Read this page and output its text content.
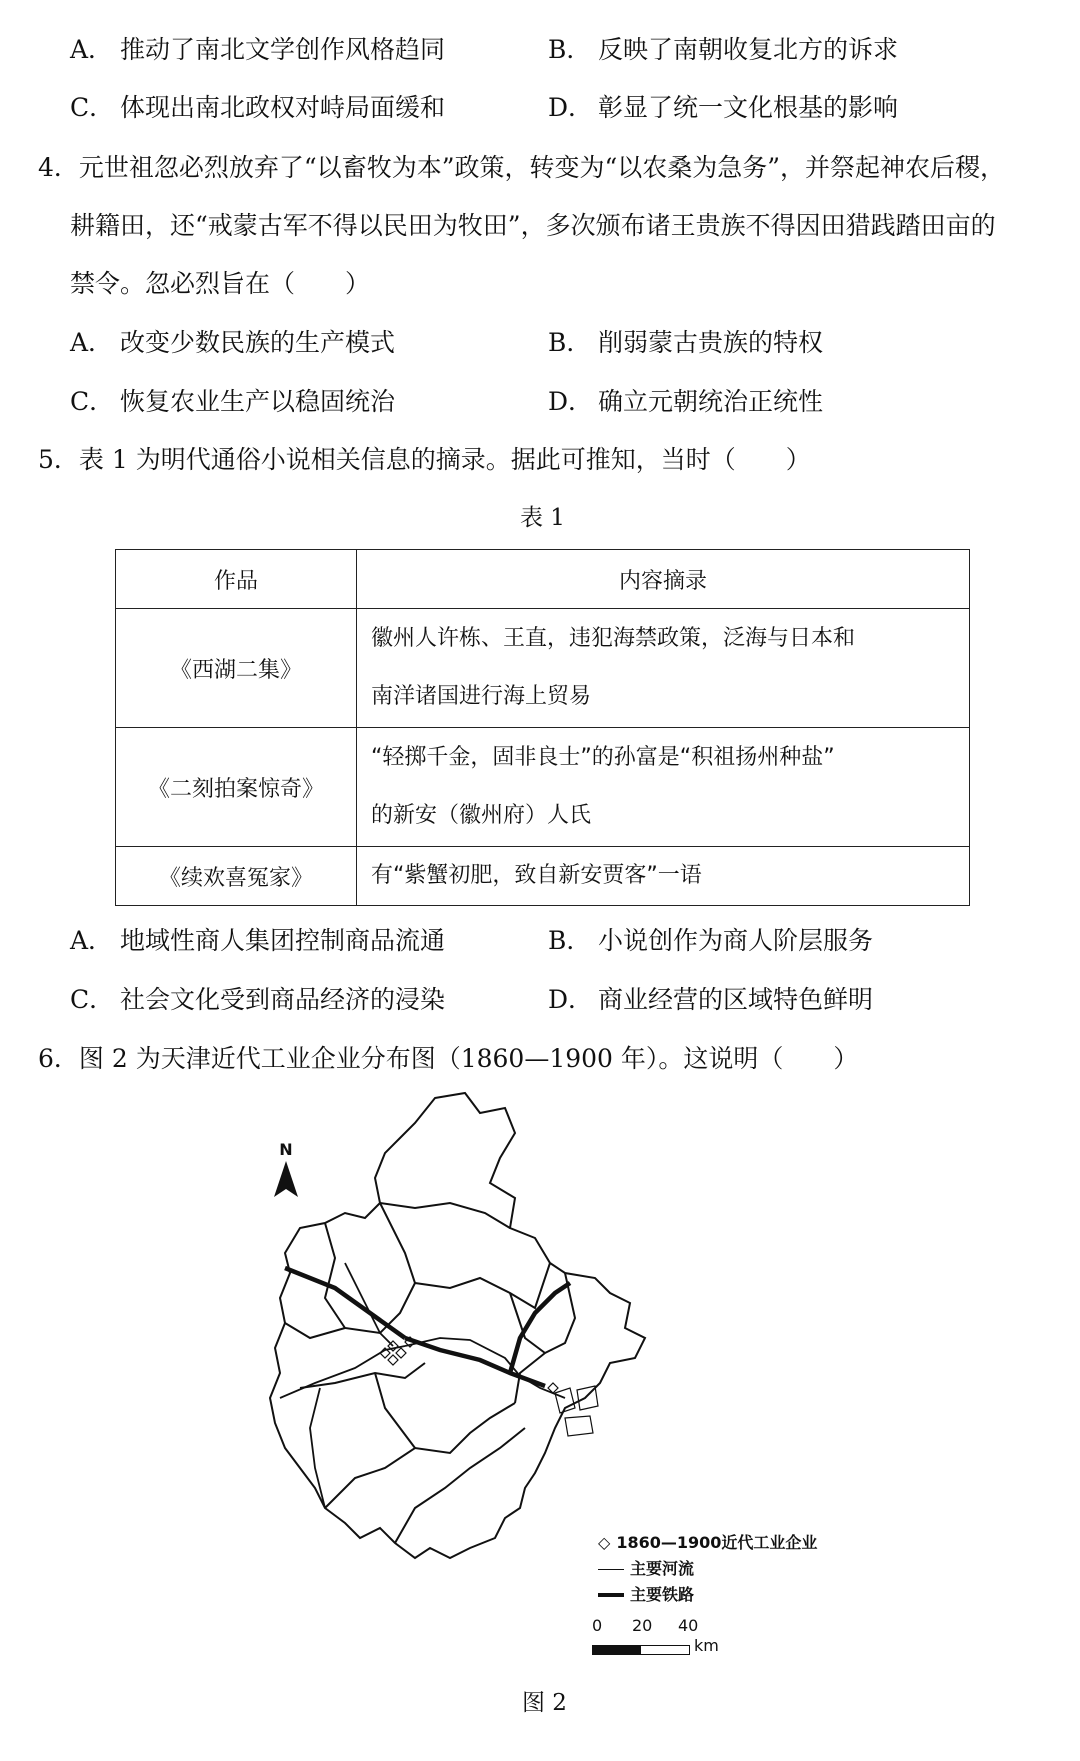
A． 推动了南北文学创作风格趋同	B． 反映了南朝收复北方的诉求
C． 体现出南北政权对峙局面缓和	D． 彰显了统一文化根基的影响
4．元世祖忽必烈放弃了“以畜牧为本”政策，转变为“以农桑为急务”，并祭起神农后稷，
耕籍田，还“戒蒙古军不得以民田为牧田”，多次颁布诸王贵族不得因田猎践踏田亩的
禁令。忽必烈旨在（　　）
A． 改变少数民族的生产模式	B． 削弱蒙古贵族的特权
C． 恢复农业生产以稳固统治	D． 确立元朝统治正统性
5．表 1 为明代通俗小说相关信息的摘录。据此可推知，当时（　　）
表 1
作品	内容摘录
《西湖二集》	徽州人许栋、王直，违犯海禁政策，泛海与日本和
南洋诸国进行海上贸易

《二刻拍案惊奇》	“轻掷千金，固非良士”的孙富是“积祖扬州种盐”
的新安（徽州府）人氏

《续欢喜冤家》	有“紫蟹初肥，致自新安贾客”一语
A． 地域性商人集团控制商品流通	B． 小说创作为商人阶层服务
C． 社会文化受到商品经济的浸染	D． 商业经营的区域特色鲜明
6．图 2 为天津近代工业企业分布图（1860—1900 年）。这说明（　　）
N
◇ 1860—1900近代工业企业
主要河流
主要铁路
0 20 40
km
图 2
